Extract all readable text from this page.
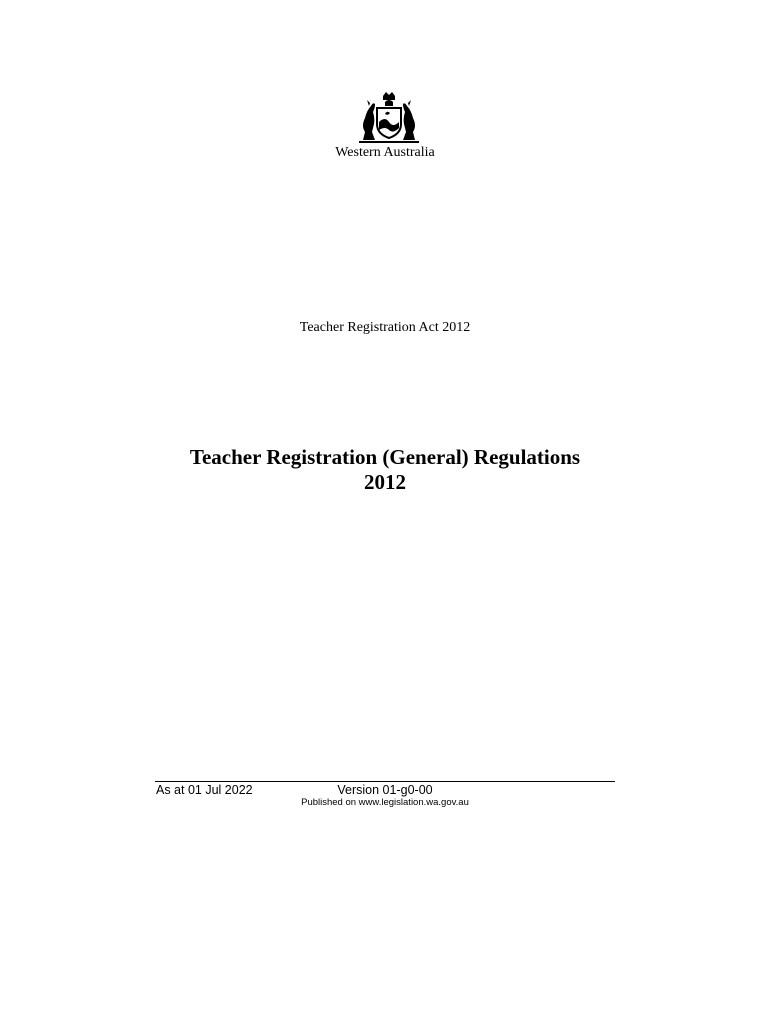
Western Australia
Teacher Registration Act 2012
Teacher Registration (General) Regulations
2012
As at 01 Jul 2022	Version 01-g0-00
Published on www.legislation.wa.gov.au
